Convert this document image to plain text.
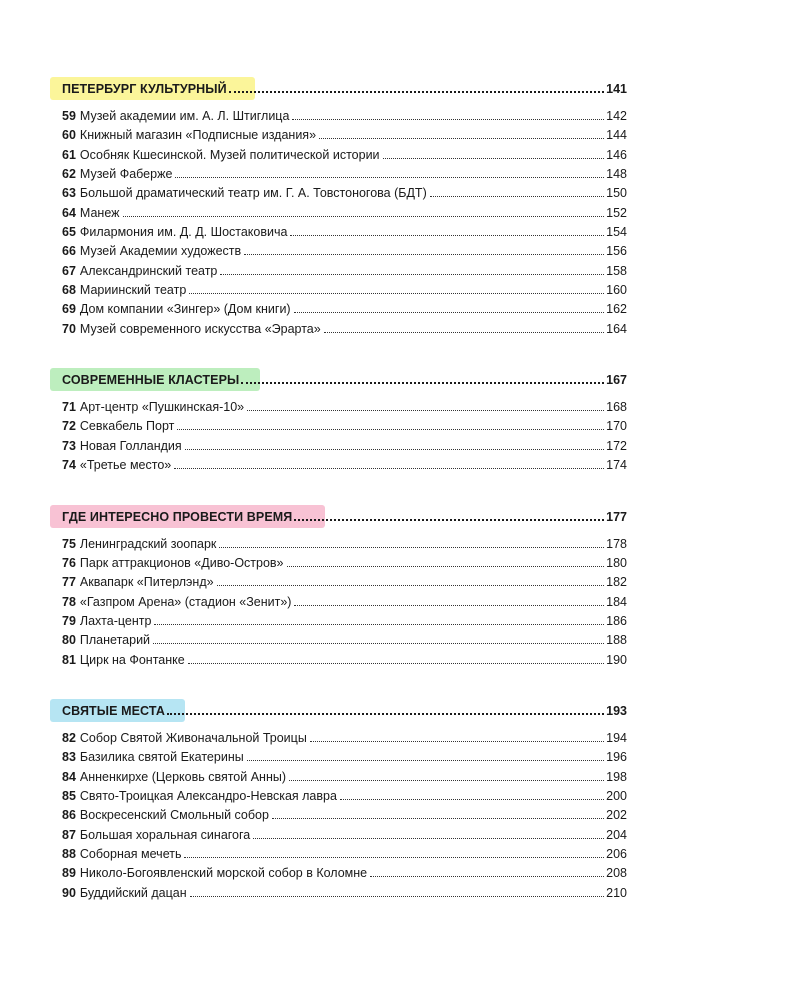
ПЕТЕРБУРГ КУЛЬТУРНЫЙ	141
59 Музей академии им. А. Л. Штиглица	142
60 Книжный магазин «Подписные издания»	144
61 Особняк Кшесинской. Музей политической истории	146
62 Музей Фаберже	148
63 Большой драматический театр им. Г. А. Товстоногова (БДТ)	150
64 Манеж	152
65 Филармония им. Д. Д. Шостаковича	154
66 Музей Академии художеств	156
67 Александринский театр	158
68 Мариинский театр	160
69 Дом компании «Зингер» (Дом книги)	162
70 Музей современного искусства «Эрарта»	164
СОВРЕМЕННЫЕ КЛАСТЕРЫ	167
71 Арт-центр «Пушкинская-10»	168
72 Севкабель Порт	170
73 Новая Голландия	172
74 «Третье место»	174
ГДЕ ИНТЕРЕСНО ПРОВЕСТИ ВРЕМЯ	177
75 Ленинградский зоопарк	178
76 Парк аттракционов «Диво-Остров»	180
77 Аквапарк «Питерлэнд»	182
78 «Газпром Арена» (стадион «Зенит»)	184
79 Лахта-центр	186
80 Планетарий	188
81 Цирк на Фонтанке	190
СВЯТЫЕ МЕСТА	193
82 Собор Святой Живоначальной Троицы	194
83 Базилика святой Екатерины	196
84 Анненкирхе (Церковь святой Анны)	198
85 Свято-Троицкая Александро-Невская лавра	200
86 Воскресенский Смольный собор	202
87 Большая хоральная синагога	204
88 Соборная мечеть	206
89 Николо-Богоявленский морской собор в Коломне	208
90 Буддийский дацан	210
